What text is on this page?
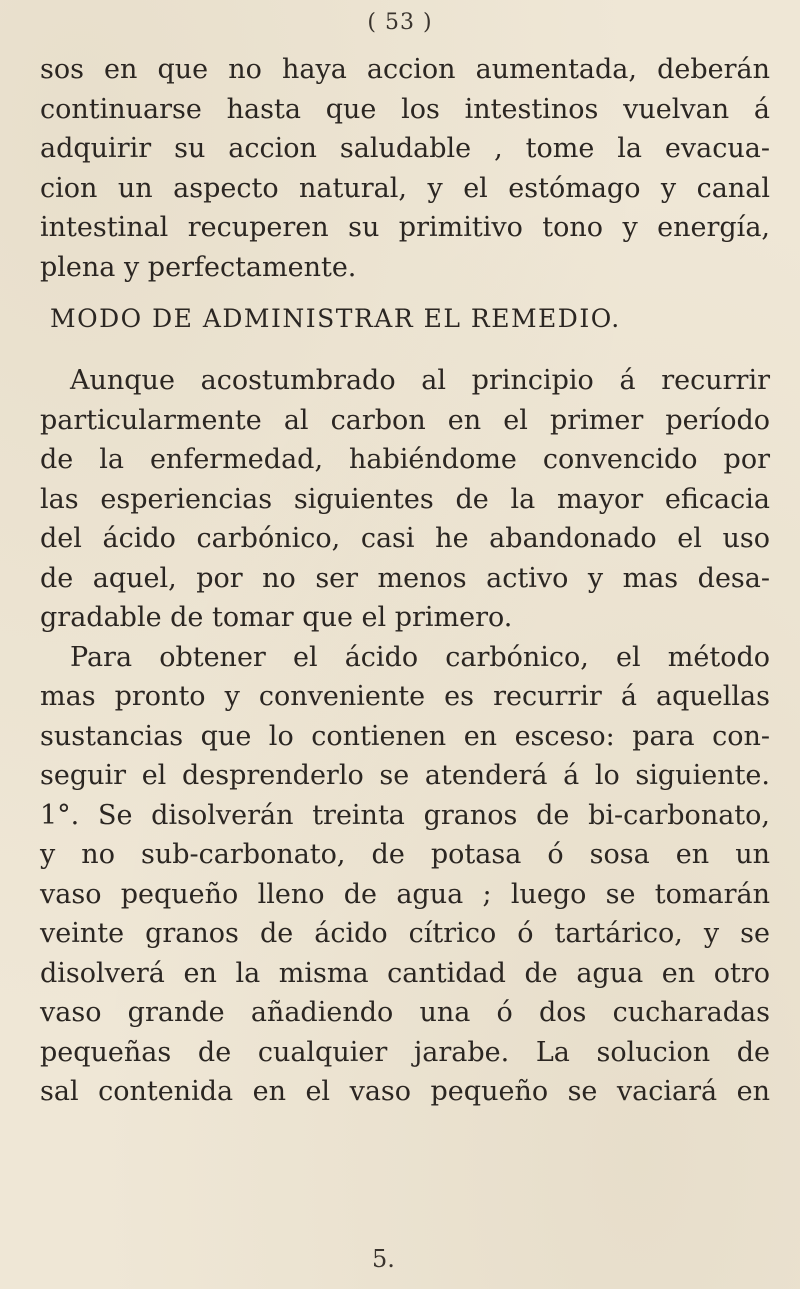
( 53 )
sos en que no haya accion aumentada, deberán
continuarse hasta que los intestinos vuelvan á
adquirir su accion saludable , tome la evacua-
cion un aspecto natural, y el estómago y canal
intestinal recuperen su primitivo tono y energía,
plena y perfectamente.
MODO DE ADMINISTRAR EL REMEDIO.
Aunque acostumbrado al principio á recurrir
particularmente al carbon en el primer período
de la enfermedad, habiéndome convencido por
las esperiencias siguientes de la mayor eficacia
del ácido carbónico, casi he abandonado el uso
de aquel, por no ser menos activo y mas desa-
gradable de tomar que el primero.
Para obtener el ácido carbónico, el método
mas pronto y conveniente es recurrir á aquellas
sustancias que lo contienen en esceso: para con-
seguir el desprenderlo se atenderá á lo siguiente.
1°. Se disolverán treinta granos de bi-carbonato,
y no sub-carbonato, de potasa ó sosa en un
vaso pequeño lleno de agua ; luego se tomarán
veinte granos de ácido cítrico ó tartárico, y se
disolverá en la misma cantidad de agua en otro
vaso grande añadiendo una ó dos cucharadas
pequeñas de cualquier jarabe. La solucion de
sal contenida en el vaso pequeño se vaciará en
5.
